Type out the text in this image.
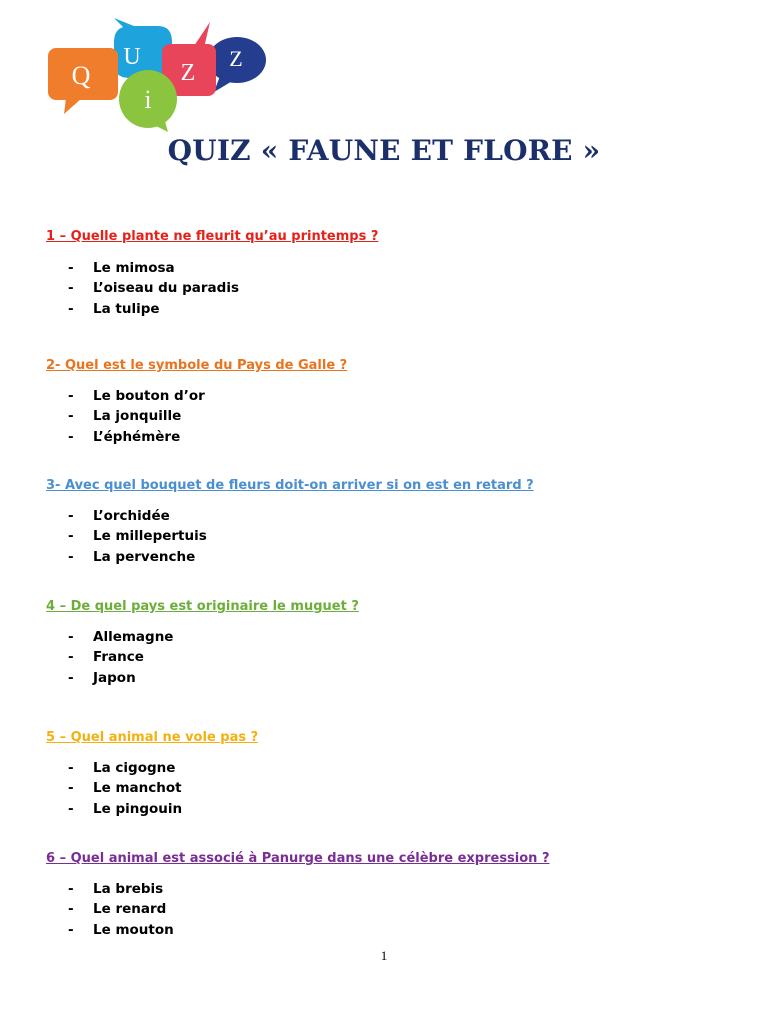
Q
U
i
Z
Z
QUIZ « FAUNE ET FLORE »

1 – Quelle plante ne fleurit qu’au printemps ?

- Le mimosa
- L’oiseau du paradis
- La tulipe

2- Quel est le symbole du Pays de Galle ?

- Le bouton d’or
- La jonquille
- L’éphémère

3- Avec quel bouquet de fleurs doit-on arriver si on est en retard ?

- L’orchidée
- Le millepertuis
- La pervenche

4 – De quel pays est originaire le muguet ?

- Allemagne
- France
- Japon

5 – Quel animal ne vole pas ?

- La cigogne
- Le manchot
- Le pingouin

6 – Quel animal est associé à Panurge dans une célèbre expression ?

- La brebis
- Le renard
- Le mouton
1
